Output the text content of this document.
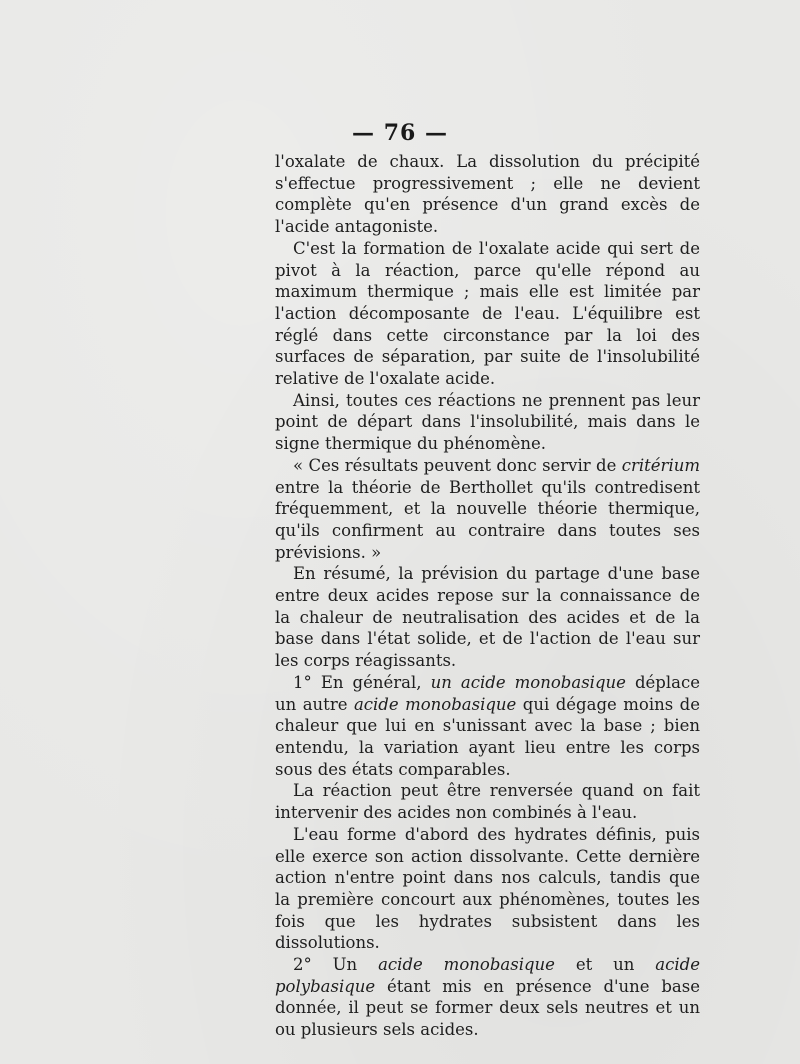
— 76 —

l'oxalate de chaux. La dissolution du précipité s'effectue progressivement ; elle ne devient complète qu'en présence d'un grand excès de l'acide antagoniste.

C'est la formation de l'oxalate acide qui sert de pivot à la réaction, parce qu'elle répond au maximum thermique ; mais elle est limitée par l'action décomposante de l'eau. L'équilibre est réglé dans cette circonstance par la loi des surfaces de séparation, par suite de l'insolubilité relative de l'oxalate acide.

Ainsi, toutes ces réactions ne prennent pas leur point de départ dans l'insolubilité, mais dans le signe thermique du phénomène.

« Ces résultats peuvent donc servir de critérium entre la théorie de Berthollet qu'ils contredisent fréquemment, et la nouvelle théorie thermique, qu'ils confirment au contraire dans toutes ses prévisions. »

En résumé, la prévision du partage d'une base entre deux acides repose sur la connaissance de la chaleur de neutralisation des acides et de la base dans l'état solide, et de l'action de l'eau sur les corps réagissants.

1° En général, un acide monobasique déplace un autre acide monobasique qui dégage moins de chaleur que lui en s'unissant avec la base ; bien entendu, la variation ayant lieu entre les corps sous des états comparables.

La réaction peut être renversée quand on fait intervenir des acides non combinés à l'eau.

L'eau forme d'abord des hydrates définis, puis elle exerce son action dissolvante. Cette dernière action n'entre point dans nos calculs, tandis que la première concourt aux phénomènes, toutes les fois que les hydrates subsistent dans les dissolutions.

2° Un acide monobasique et un acide polybasique étant mis en présence d'une base donnée, il peut se former deux sels neutres et un ou plusieurs sels acides.
